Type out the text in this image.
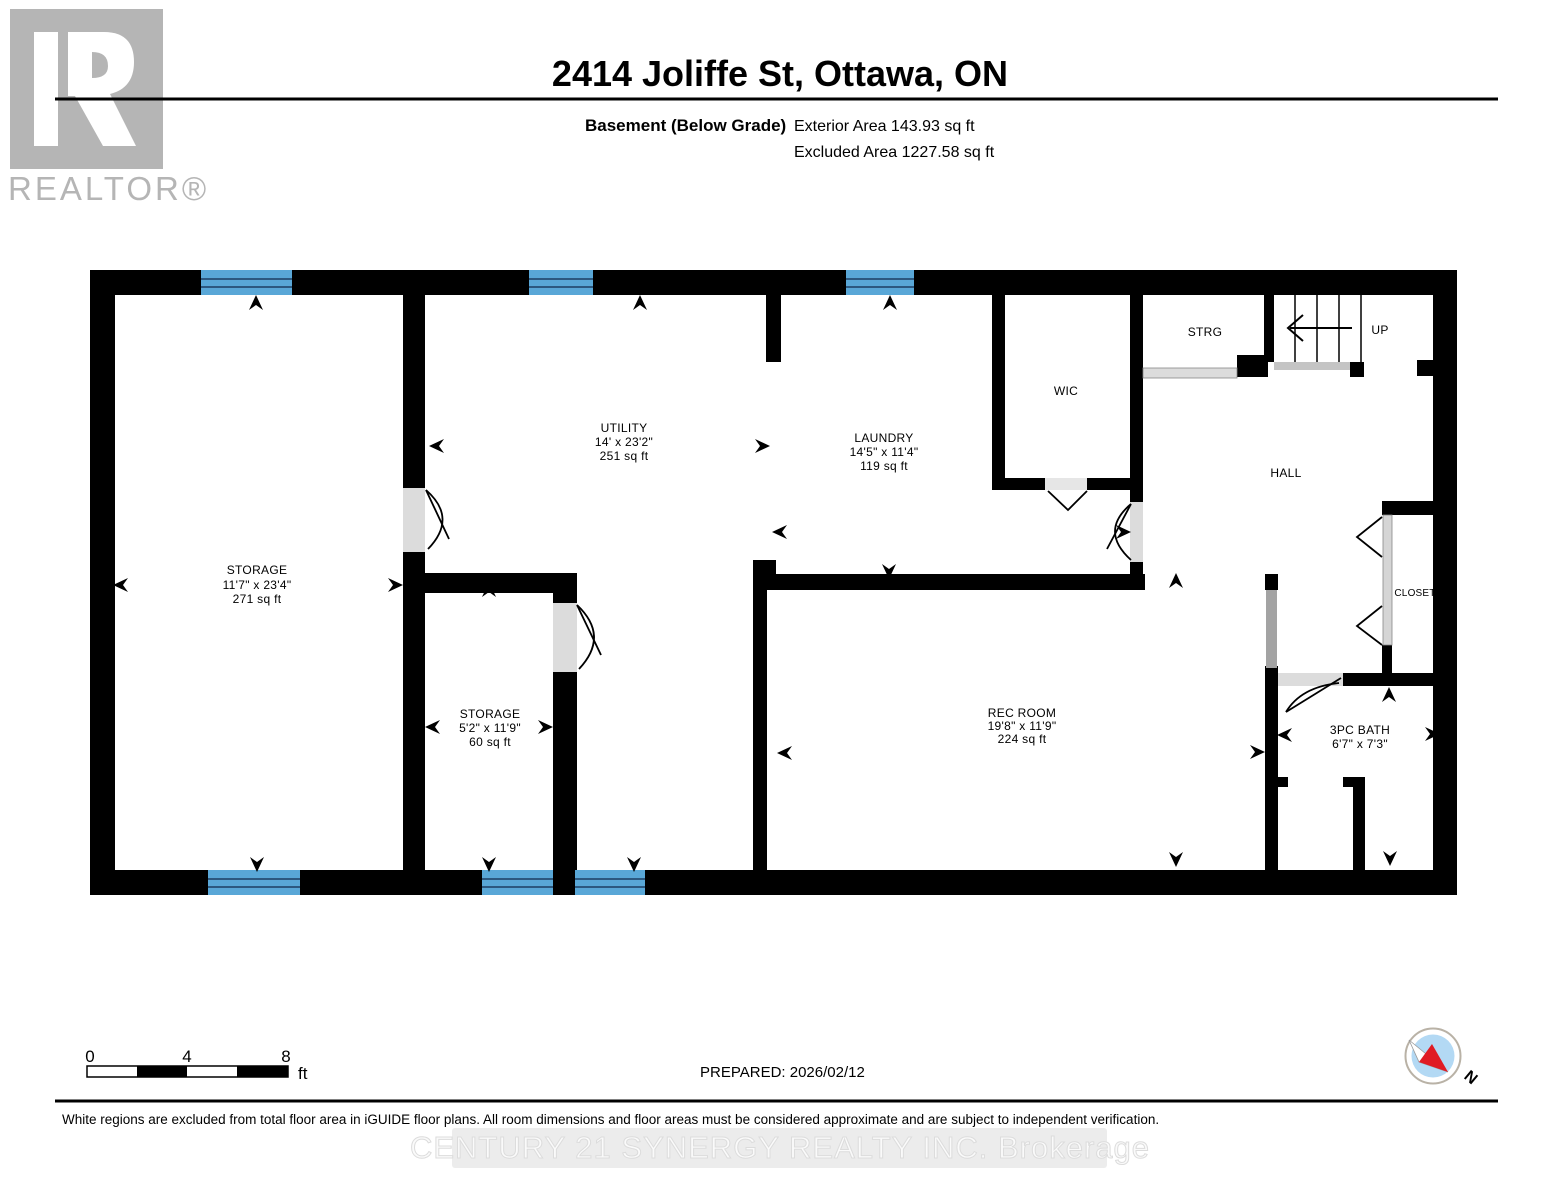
REALTOR®
2414 Joliffe St, Ottawa, ON
Basement (Below Grade) Exterior Area 143.93 sq ft
Excluded Area 1227.58 sq ft
UP
STORAGE
11'7" x 23'4"
271 sq ft
UTILITY
14' x 23'2"
251 sq ft
LAUNDRY
14'5" x 11'4"
119 sq ft
WIC
STRG
HALL
CLOSET
STORAGE
5'2" x 11'9"
60 sq ft
REC ROOM
19'8" x 11'9"
224 sq ft
3PC BATH
6'7" x 7'3"
0	4	8
ft	PREPARED: 2026/02/12	N
White regions are excluded from total floor area in iGUIDE floor plans. All room dimensions and floor areas must be considered approximate and are subject to independent verification.
CENTURY 21 SYNERGY REALTY INC. Brokerage
